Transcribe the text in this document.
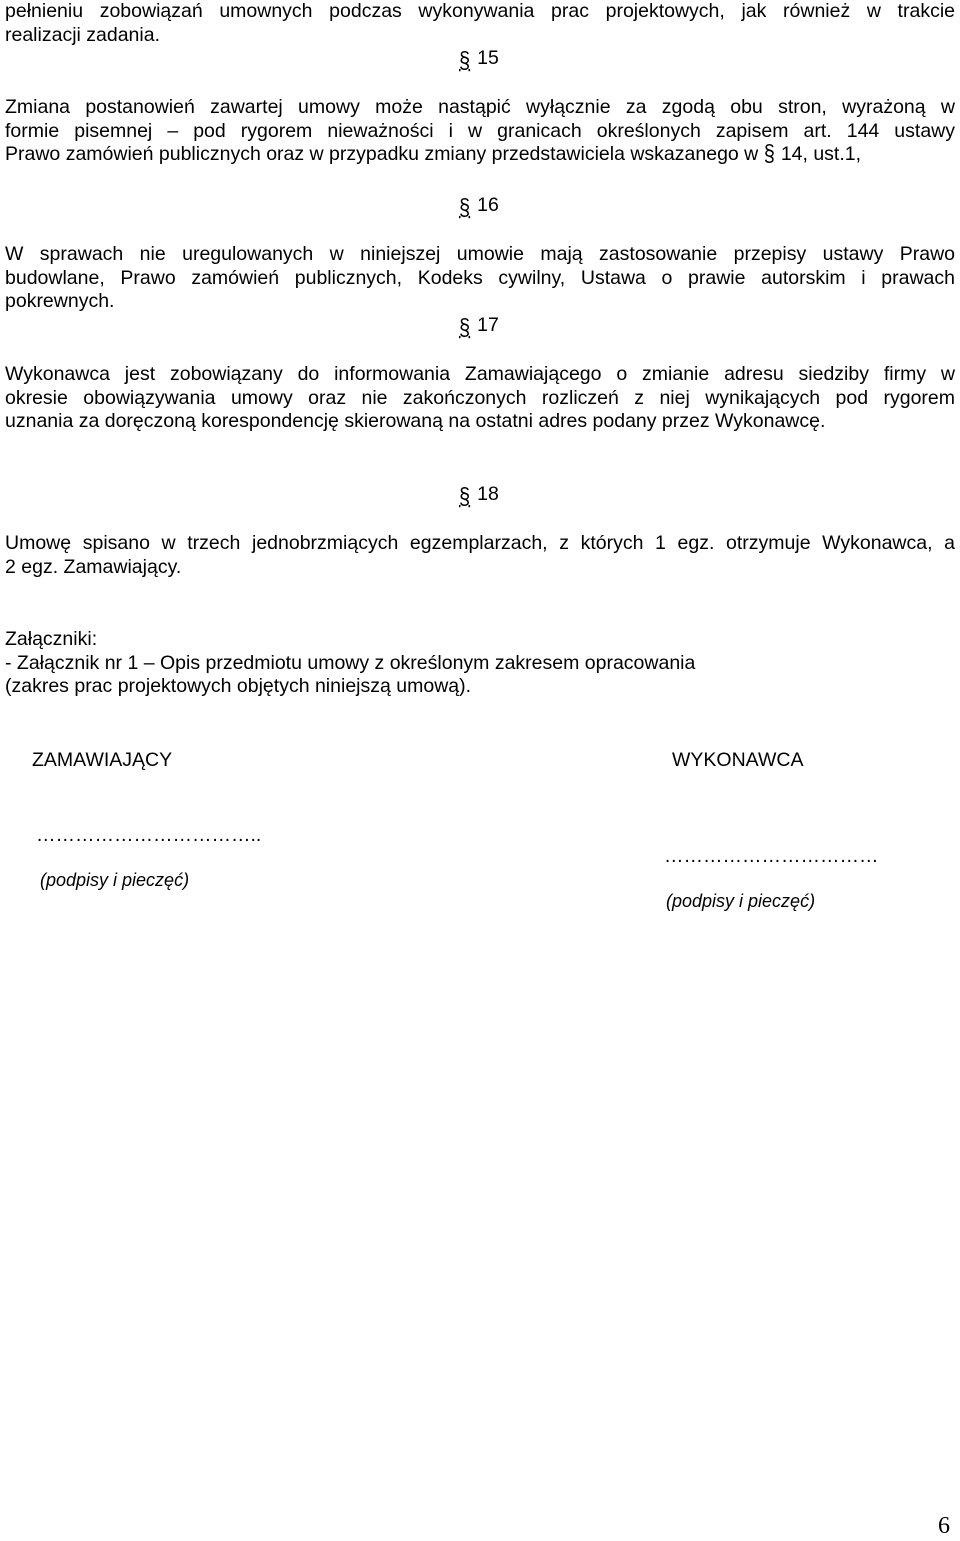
pełnieniu zobowiązań umownych podczas wykonywania prac projektowych, jak również w trakcie
realizacji zadania.
§ 15
Zmiana postanowień zawartej umowy może nastąpić wyłącznie za zgodą obu stron, wyrażoną w
formie pisemnej – pod rygorem nieważności i w granicach określonych zapisem art. 144 ustawy
Prawo zamówień publicznych oraz w przypadku zmiany przedstawiciela wskazanego w § 14, ust.1,
§ 16
W sprawach nie uregulowanych w niniejszej umowie mają zastosowanie przepisy ustawy Prawo
budowlane, Prawo zamówień publicznych, Kodeks cywilny, Ustawa o prawie autorskim i prawach
pokrewnych.
§ 17
Wykonawca jest zobowiązany do informowania Zamawiającego o zmianie adresu siedziby firmy w
okresie obowiązywania umowy oraz nie zakończonych rozliczeń z niej wynikających pod rygorem
uznania za doręczoną korespondencję skierowaną na ostatni adres podany przez Wykonawcę.
§ 18
Umowę spisano w trzech jednobrzmiących egzemplarzach, z których 1 egz. otrzymuje Wykonawca, a
2 egz. Zamawiający.
Załączniki:
- Załącznik nr 1 – Opis przedmiotu umowy z określonym zakresem opracowania
(zakres prac projektowych objętych niniejszą umową).
ZAMAWIAJĄCY	WYKONAWCA
……………………………..
(podpisy i pieczęć)
……………………………
(podpisy i pieczęć)
6
